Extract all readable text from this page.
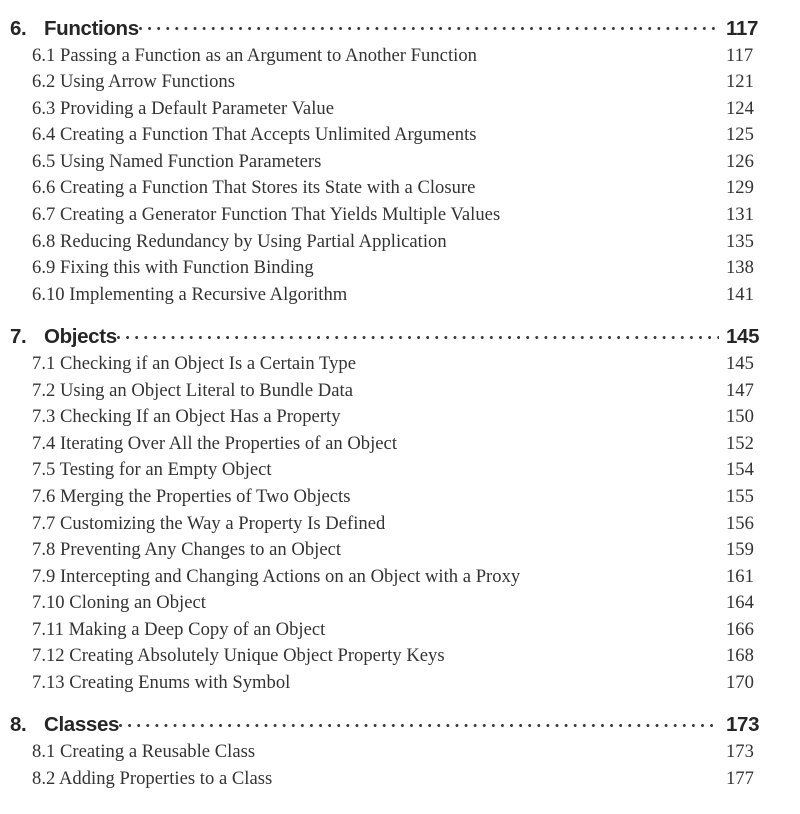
6. Functions	117
6.1 Passing a Function as an Argument to Another Function	117
6.2 Using Arrow Functions	121
6.3 Providing a Default Parameter Value	124
6.4 Creating a Function That Accepts Unlimited Arguments	125
6.5 Using Named Function Parameters	126
6.6 Creating a Function That Stores its State with a Closure	129
6.7 Creating a Generator Function That Yields Multiple Values	131
6.8 Reducing Redundancy by Using Partial Application	135
6.9 Fixing this with Function Binding	138
6.10 Implementing a Recursive Algorithm	141
7. Objects	145
7.1 Checking if an Object Is a Certain Type	145
7.2 Using an Object Literal to Bundle Data	147
7.3 Checking If an Object Has a Property	150
7.4 Iterating Over All the Properties of an Object	152
7.5 Testing for an Empty Object	154
7.6 Merging the Properties of Two Objects	155
7.7 Customizing the Way a Property Is Defined	156
7.8 Preventing Any Changes to an Object	159
7.9 Intercepting and Changing Actions on an Object with a Proxy	161
7.10 Cloning an Object	164
7.11 Making a Deep Copy of an Object	166
7.12 Creating Absolutely Unique Object Property Keys	168
7.13 Creating Enums with Symbol	170
8. Classes	173
8.1 Creating a Reusable Class	173
8.2 Adding Properties to a Class	177
